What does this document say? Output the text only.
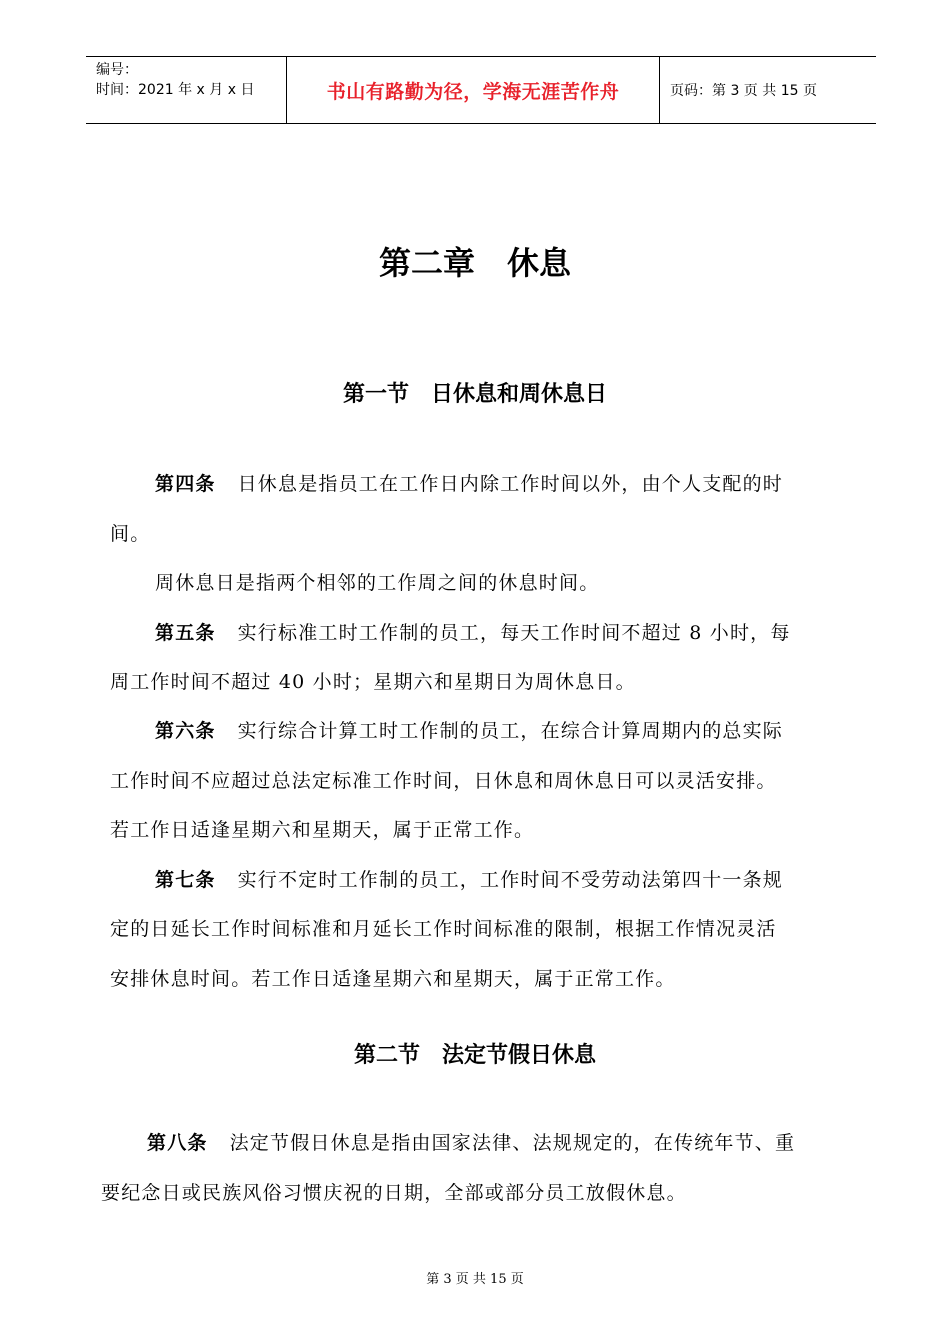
编号：
时间：2021 年 x 月 x 日	书山有路勤为径，学海无涯苦作舟	页码：第 3 页 共 15 页
第二章　休息
第一节　日休息和周休息日
第四条 日休息是指员工在工作日内除工作时间以外，由个人支配的时
间。
周休息日是指两个相邻的工作周之间的休息时间。
第五条 实行标准工时工作制的员工，每天工作时间不超过 8 小时，每
周工作时间不超过 40 小时；星期六和星期日为周休息日。
第六条 实行综合计算工时工作制的员工，在综合计算周期内的总实际
工作时间不应超过总法定标准工作时间，日休息和周休息日可以灵活安排。
若工作日适逢星期六和星期天，属于正常工作。
第七条 实行不定时工作制的员工，工作时间不受劳动法第四十一条规
定的日延长工作时间标准和月延长工作时间标准的限制，根据工作情况灵活
安排休息时间。若工作日适逢星期六和星期天，属于正常工作。
第二节　法定节假日休息
第八条 法定节假日休息是指由国家法律、法规规定的，在传统年节、重
要纪念日或民族风俗习惯庆祝的日期，全部或部分员工放假休息。
第 3 页 共 15 页
